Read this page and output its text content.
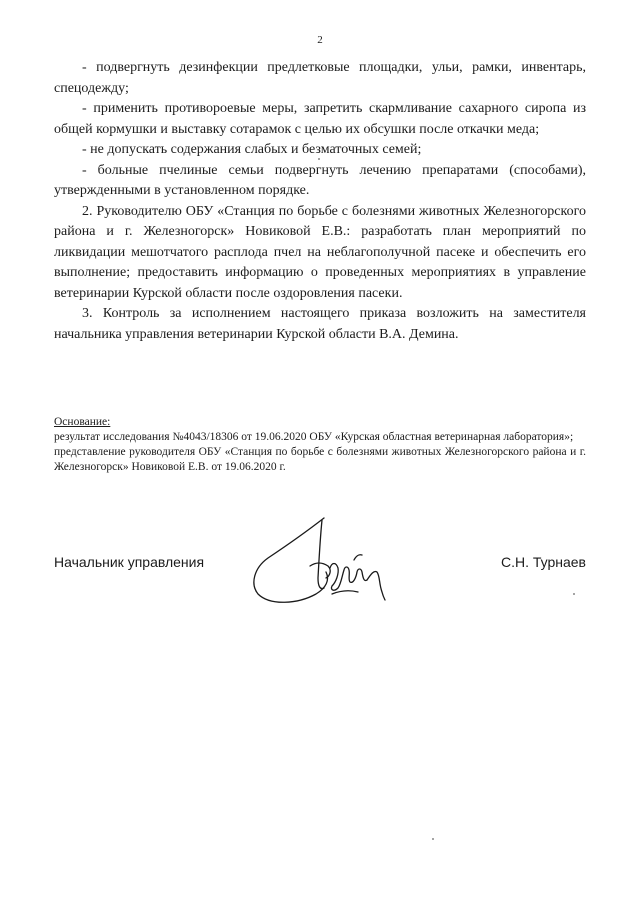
2

- подвергнуть дезинфекции предлетковые площадки, ульи, рамки, инвентарь, спецодежду;

- применить противороевые меры, запретить скармливание сахарного сиропа из общей кормушки и выставку сотарамок с целью их обсушки после откачки меда;

- не допускать содержания слабых и безматочных семей;

- больные пчелиные семьи подвергнуть лечению препаратами (способами), утвержденными в установленном порядке.

2. Руководителю ОБУ «Станция по борьбе с болезнями животных Железногорского района и г. Железногорск» Новиковой Е.В.: разработать план мероприятий по ликвидации мешотчатого расплода пчел на неблагополучной пасеке и обеспечить его выполнение; предоставить информацию о проведенных мероприятиях в управление ветеринарии Курской области после оздоровления пасеки.

3. Контроль за исполнением настоящего приказа возложить на заместителя начальника управления ветеринарии Курской области В.А. Демина.

Основание:

результат исследования №4043/18306 от 19.06.2020 ОБУ «Курская областная ветеринарная лаборатория»;

представление руководителя ОБУ «Станция по борьбе с болезнями животных Железногорского района и г. Железногорск» Новиковой Е.В. от 19.06.2020 г.

Начальник управления	С.Н. Турнаев
